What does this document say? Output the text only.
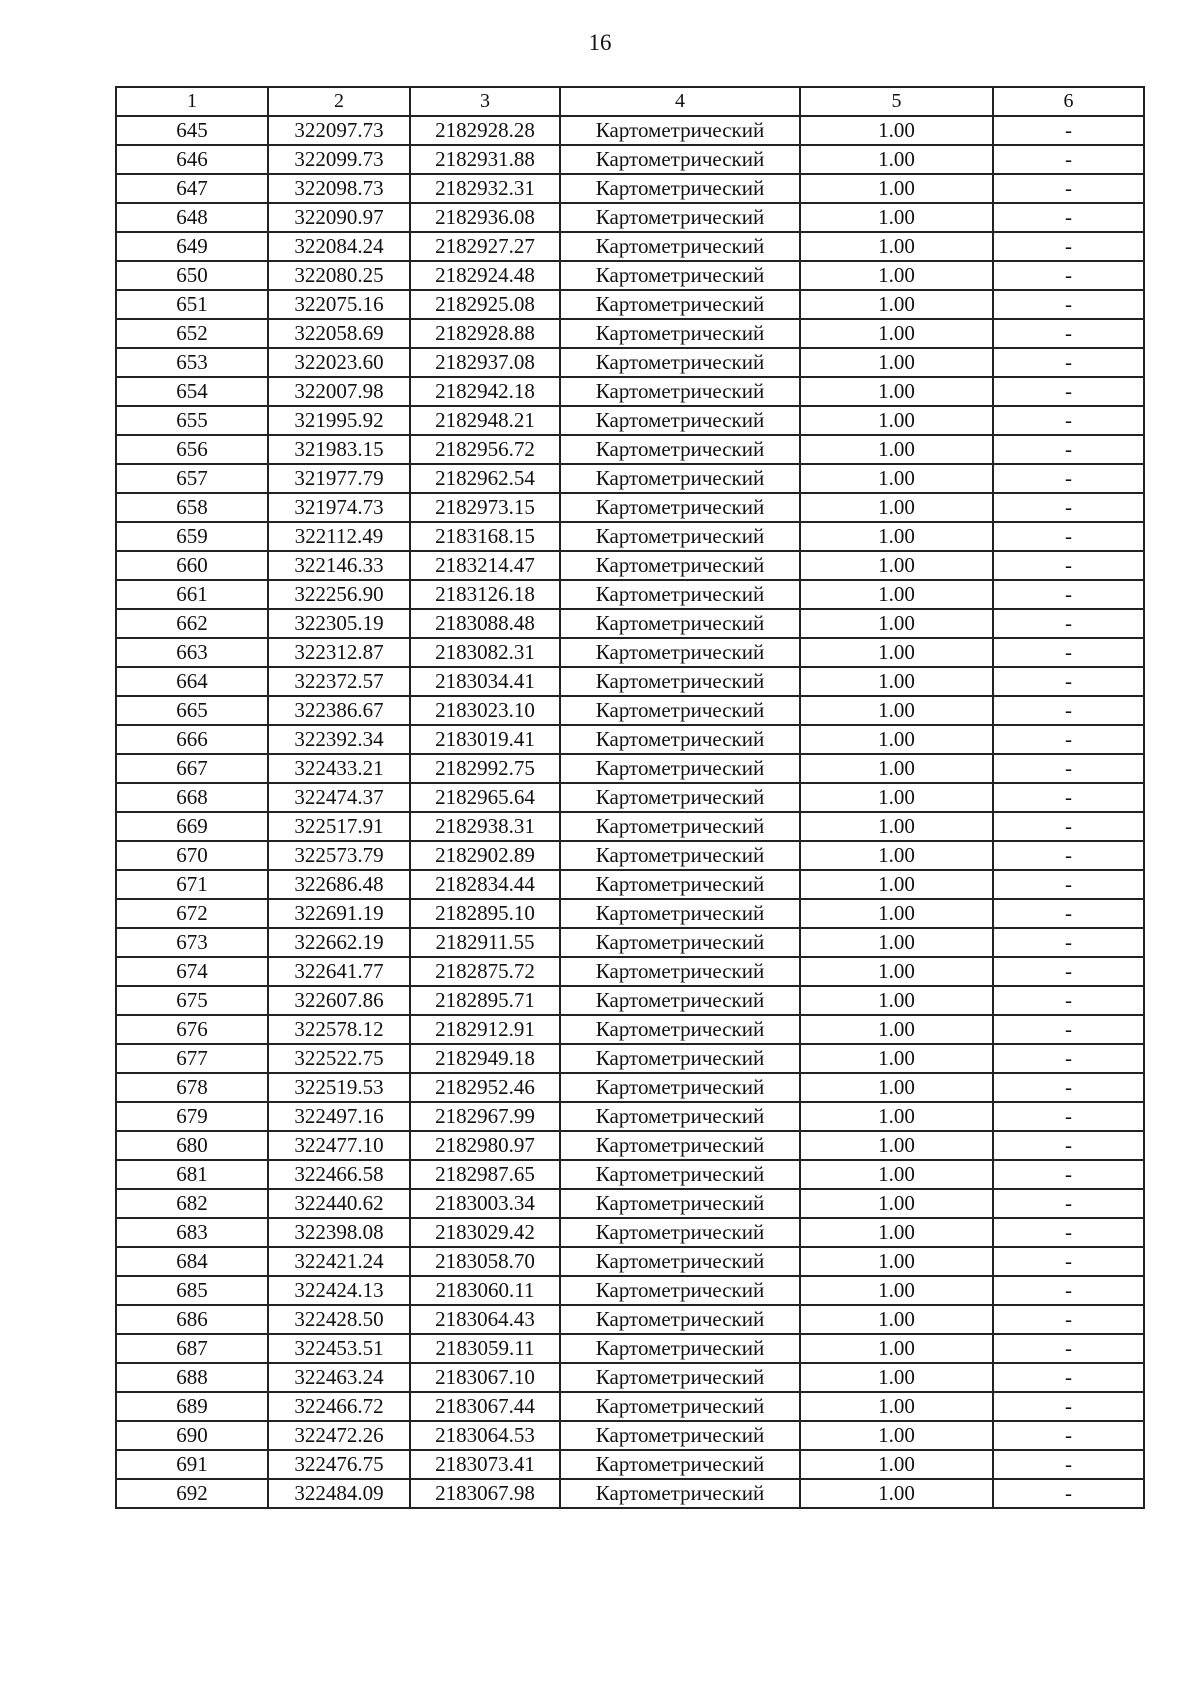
16
1	2	3	4	5	6
645	322097.73	2182928.28	Картометрический	1.00	-
646	322099.73	2182931.88	Картометрический	1.00	-
647	322098.73	2182932.31	Картометрический	1.00	-
648	322090.97	2182936.08	Картометрический	1.00	-
649	322084.24	2182927.27	Картометрический	1.00	-
650	322080.25	2182924.48	Картометрический	1.00	-
651	322075.16	2182925.08	Картометрический	1.00	-
652	322058.69	2182928.88	Картометрический	1.00	-
653	322023.60	2182937.08	Картометрический	1.00	-
654	322007.98	2182942.18	Картометрический	1.00	-
655	321995.92	2182948.21	Картометрический	1.00	-
656	321983.15	2182956.72	Картометрический	1.00	-
657	321977.79	2182962.54	Картометрический	1.00	-
658	321974.73	2182973.15	Картометрический	1.00	-
659	322112.49	2183168.15	Картометрический	1.00	-
660	322146.33	2183214.47	Картометрический	1.00	-
661	322256.90	2183126.18	Картометрический	1.00	-
662	322305.19	2183088.48	Картометрический	1.00	-
663	322312.87	2183082.31	Картометрический	1.00	-
664	322372.57	2183034.41	Картометрический	1.00	-
665	322386.67	2183023.10	Картометрический	1.00	-
666	322392.34	2183019.41	Картометрический	1.00	-
667	322433.21	2182992.75	Картометрический	1.00	-
668	322474.37	2182965.64	Картометрический	1.00	-
669	322517.91	2182938.31	Картометрический	1.00	-
670	322573.79	2182902.89	Картометрический	1.00	-
671	322686.48	2182834.44	Картометрический	1.00	-
672	322691.19	2182895.10	Картометрический	1.00	-
673	322662.19	2182911.55	Картометрический	1.00	-
674	322641.77	2182875.72	Картометрический	1.00	-
675	322607.86	2182895.71	Картометрический	1.00	-
676	322578.12	2182912.91	Картометрический	1.00	-
677	322522.75	2182949.18	Картометрический	1.00	-
678	322519.53	2182952.46	Картометрический	1.00	-
679	322497.16	2182967.99	Картометрический	1.00	-
680	322477.10	2182980.97	Картометрический	1.00	-
681	322466.58	2182987.65	Картометрический	1.00	-
682	322440.62	2183003.34	Картометрический	1.00	-
683	322398.08	2183029.42	Картометрический	1.00	-
684	322421.24	2183058.70	Картометрический	1.00	-
685	322424.13	2183060.11	Картометрический	1.00	-
686	322428.50	2183064.43	Картометрический	1.00	-
687	322453.51	2183059.11	Картометрический	1.00	-
688	322463.24	2183067.10	Картометрический	1.00	-
689	322466.72	2183067.44	Картометрический	1.00	-
690	322472.26	2183064.53	Картометрический	1.00	-
691	322476.75	2183073.41	Картометрический	1.00	-
692	322484.09	2183067.98	Картометрический	1.00	-
